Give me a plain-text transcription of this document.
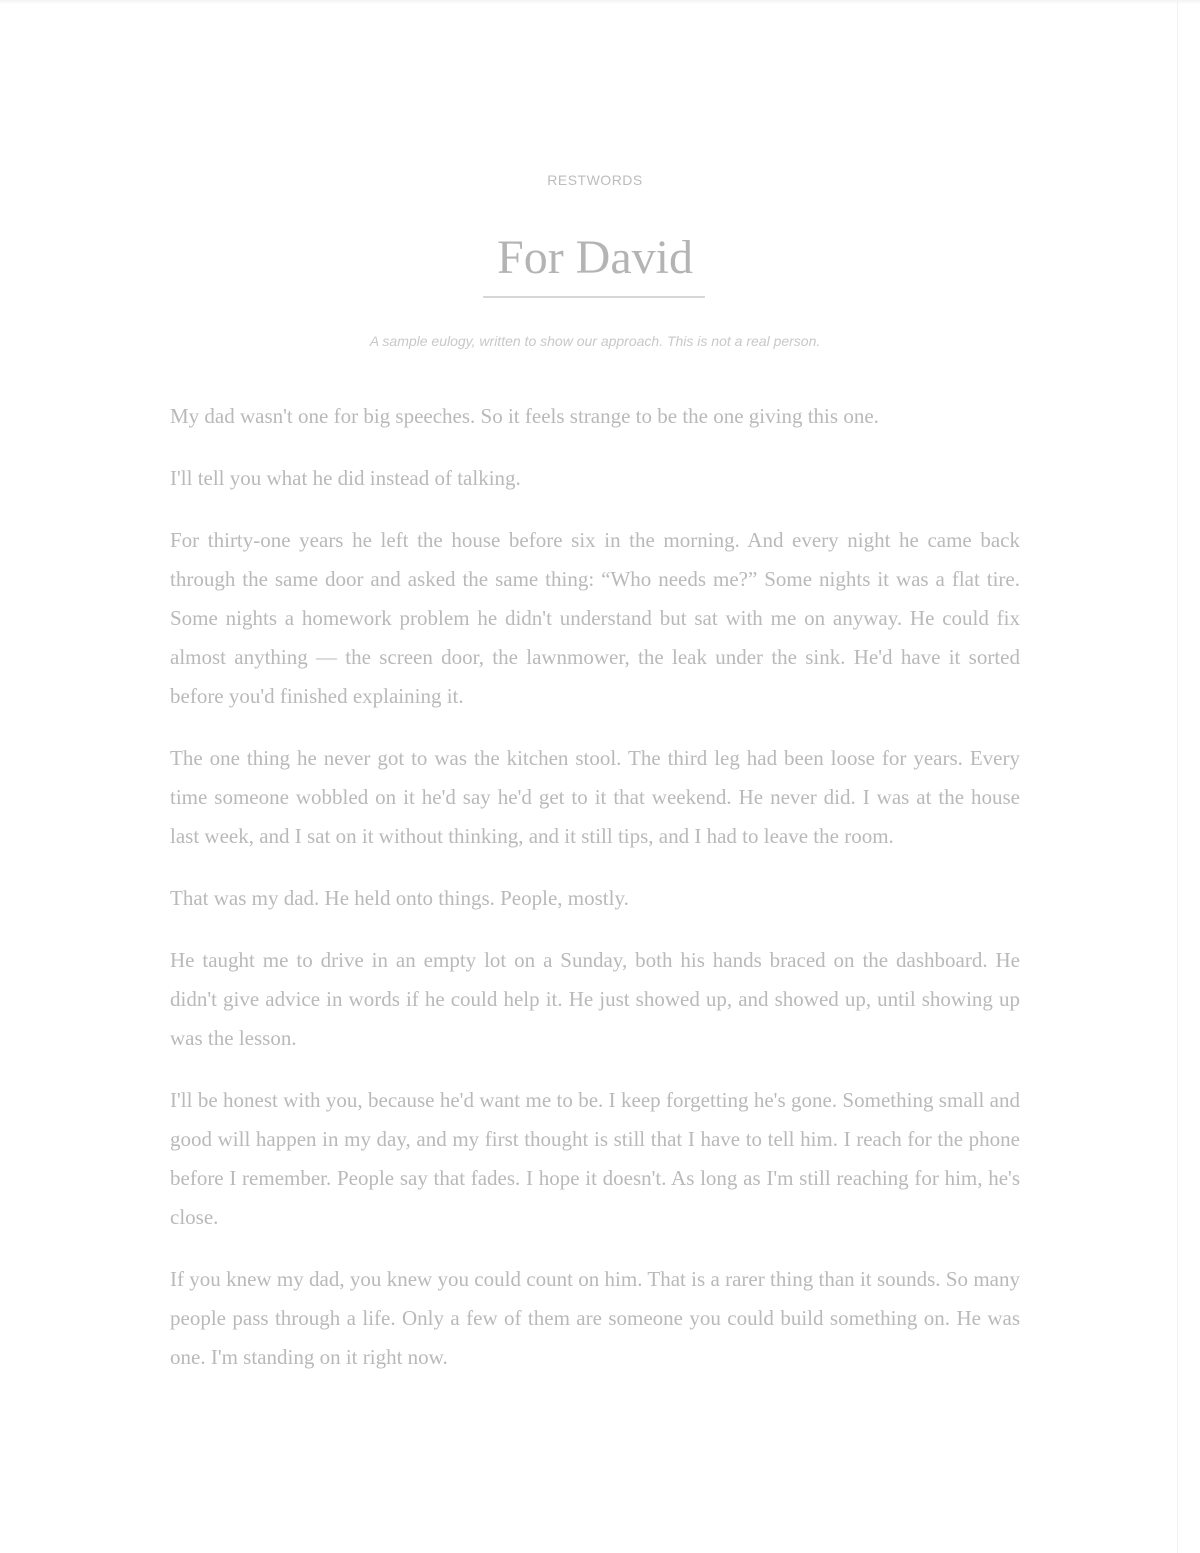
RESTWORDS
For David
A sample eulogy, written to show our approach. This is not a real person.

My dad wasn't one for big speeches. So it feels strange to be the one giving this one.

I'll tell you what he did instead of talking.

For thirty-one years he left the house before six in the morning. And every night he came back through the same door and asked the same thing: “Who needs me?” Some nights it was a flat tire. Some nights a homework problem he didn't understand but sat with me on anyway. He could fix almost anything — the screen door, the lawnmower, the leak under the sink. He'd have it sorted before you'd finished explaining it.

The one thing he never got to was the kitchen stool. The third leg had been loose for years. Every time someone wobbled on it he'd say he'd get to it that weekend. He never did. I was at the house last week, and I sat on it without thinking, and it still tips, and I had to leave the room.

That was my dad. He held onto things. People, mostly.

He taught me to drive in an empty lot on a Sunday, both his hands braced on the dashboard. He didn't give advice in words if he could help it. He just showed up, and showed up, until showing up was the lesson.

I'll be honest with you, because he'd want me to be. I keep forgetting he's gone. Something small and good will happen in my day, and my first thought is still that I have to tell him. I reach for the phone before I remember. People say that fades. I hope it doesn't. As long as I'm still reaching for him, he's close.

If you knew my dad, you knew you could count on him. That is a rarer thing than it sounds. So many people pass through a life. Only a few of them are someone you could build something on. He was one. I'm standing on it right now.
